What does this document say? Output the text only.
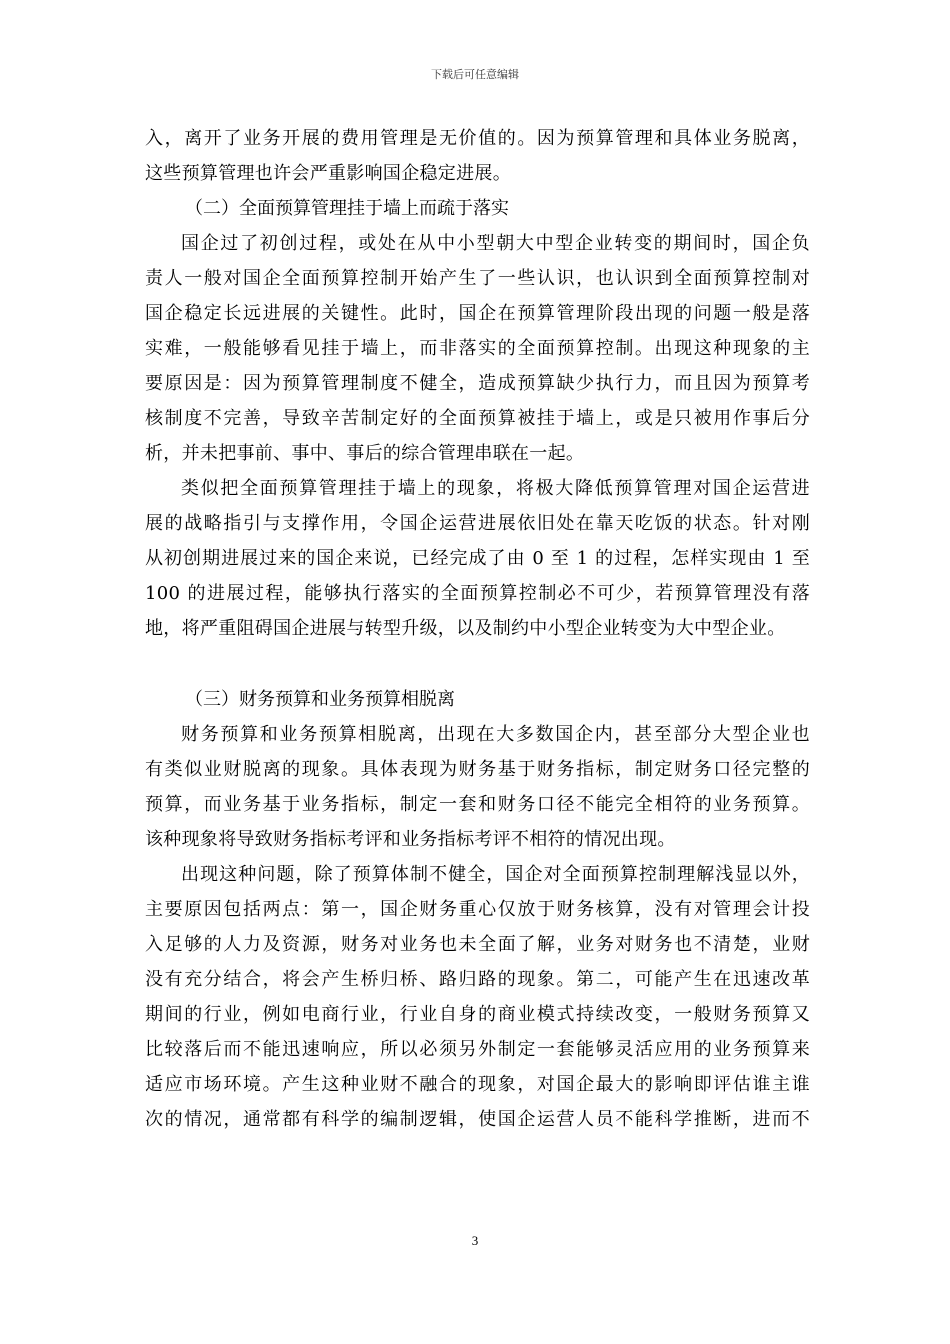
下载后可任意编辑
入，离开了业务开展的费用管理是无价值的。因为预算管理和具体业务脱离，
这些预算管理也许会严重影响国企稳定进展。
（二）全面预算管理挂于墙上而疏于落实
国企过了初创过程，或处在从中小型朝大中型企业转变的期间时，国企负
责人一般对国企全面预算控制开始产生了一些认识，也认识到全面预算控制对
国企稳定长远进展的关键性。此时，国企在预算管理阶段出现的问题一般是落
实难，一般能够看见挂于墙上，而非落实的全面预算控制。出现这种现象的主
要原因是：因为预算管理制度不健全，造成预算缺少执行力，而且因为预算考
核制度不完善，导致辛苦制定好的全面预算被挂于墙上，或是只被用作事后分
析，并未把事前、事中、事后的综合管理串联在一起。
类似把全面预算管理挂于墙上的现象，将极大降低预算管理对国企运营进
展的战略指引与支撑作用，令国企运营进展依旧处在靠天吃饭的状态。针对刚
从初创期进展过来的国企来说，已经完成了由 0 至 1 的过程，怎样实现由 1 至
100 的进展过程，能够执行落实的全面预算控制必不可少，若预算管理没有落
地，将严重阻碍国企进展与转型升级，以及制约中小型企业转变为大中型企业。
（三）财务预算和业务预算相脱离
财务预算和业务预算相脱离，出现在大多数国企内，甚至部分大型企业也
有类似业财脱离的现象。具体表现为财务基于财务指标，制定财务口径完整的
预算，而业务基于业务指标，制定一套和财务口径不能完全相符的业务预算。
该种现象将导致财务指标考评和业务指标考评不相符的情况出现。
出现这种问题，除了预算体制不健全，国企对全面预算控制理解浅显以外，
主要原因包括两点：第一，国企财务重心仅放于财务核算，没有对管理会计投
入足够的人力及资源，财务对业务也未全面了解，业务对财务也不清楚，业财
没有充分结合，将会产生桥归桥、路归路的现象。第二，可能产生在迅速改革
期间的行业，例如电商行业，行业自身的商业模式持续改变，一般财务预算又
比较落后而不能迅速响应，所以必须另外制定一套能够灵活应用的业务预算来
适应市场环境。产生这种业财不融合的现象，对国企最大的影响即评估谁主谁
次的情况，通常都有科学的编制逻辑，使国企运营人员不能科学推断，进而不
3
